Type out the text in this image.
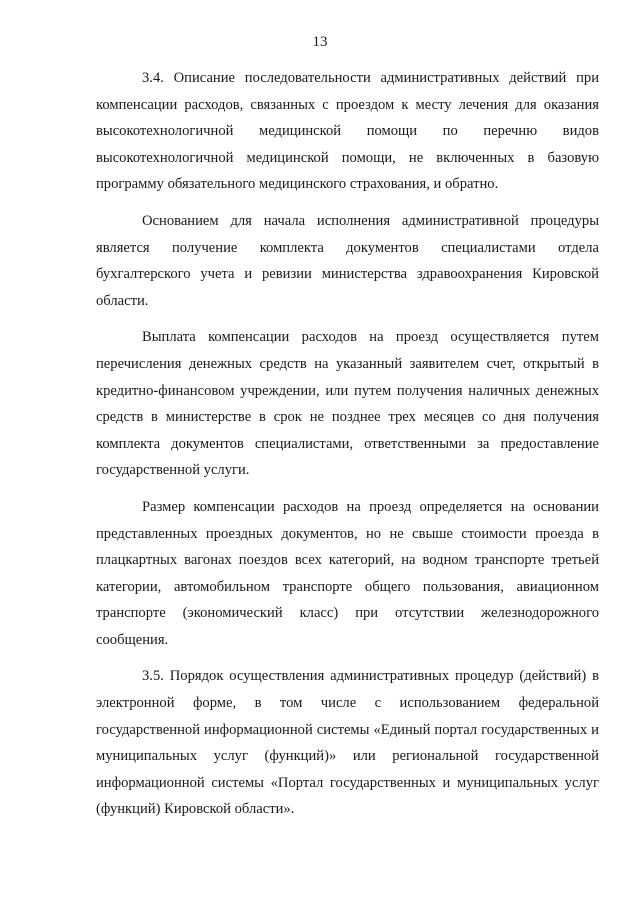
13

3.4. Описание последовательности административных действий при компенсации расходов, связанных с проездом к месту лечения для оказания высокотехнологичной медицинской помощи по перечню видов высокотехнологичной медицинской помощи, не включенных в базовую программу обязательного медицинского страхования, и обратно.

Основанием для начала исполнения административной процедуры является получение комплекта документов специалистами отдела бухгалтерского учета и ревизии министерства здравоохранения Кировской области.

Выплата компенсации расходов на проезд осуществляется путем перечисления денежных средств на указанный заявителем счет, открытый в кредитно-финансовом учреждении, или путем получения наличных денежных средств в министерстве в срок не позднее трех месяцев со дня получения комплекта документов специалистами, ответственными за предоставление государственной услуги.

Размер компенсации расходов на проезд определяется на основании представленных проездных документов, но не свыше стоимости проезда в плацкартных вагонах поездов всех категорий, на водном транспорте третьей категории, автомобильном транспорте общего пользования, авиационном транспорте (экономический класс) при отсутствии железнодорожного сообщения.

3.5. Порядок осуществления административных процедур (действий) в электронной форме, в том числе с использованием федеральной государственной информационной системы «Единый портал государственных и муниципальных услуг (функций)» или региональной государственной информационной системы «Портал государственных и муниципальных услуг (функций) Кировской области».
